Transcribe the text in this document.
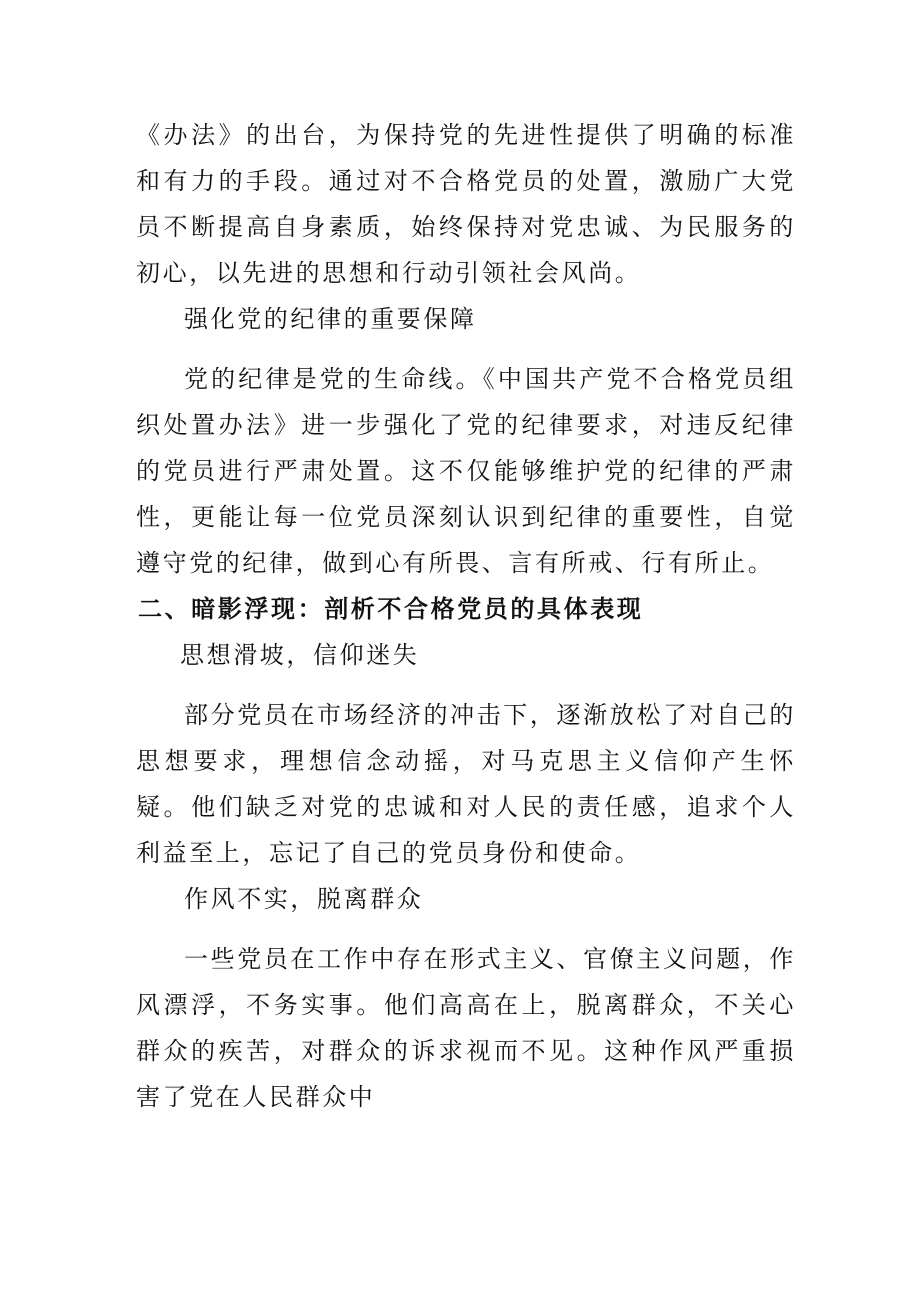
《办法》的出台，为保持党的先进性提供了明确的标准和有力的手段。通过对不合格党员的处置，激励广大党员不断提高自身素质，始终保持对党忠诚、为民服务的初心，以先进的思想和行动引领社会风尚。

强化党的纪律的重要保障

党的纪律是党的生命线。《中国共产党不合格党员组织处置办法》进一步强化了党的纪律要求，对违反纪律的党员进行严肃处置。这不仅能够维护党的纪律的严肃性，更能让每一位党员深刻认识到纪律的重要性，自觉遵守党的纪律，做到心有所畏、言有所戒、行有所止。

二、暗影浮现：剖析不合格党员的具体表现

思想滑坡，信仰迷失

部分党员在市场经济的冲击下，逐渐放松了对自己的思想要求，理想信念动摇，对马克思主义信仰产生怀疑。他们缺乏对党的忠诚和对人民的责任感，追求个人利益至上，忘记了自己的党员身份和使命。

作风不实，脱离群众

一些党员在工作中存在形式主义、官僚主义问题，作风漂浮，不务实事。他们高高在上，脱离群众，不关心群众的疾苦，对群众的诉求视而不见。这种作风严重损害了党在人民群众中
